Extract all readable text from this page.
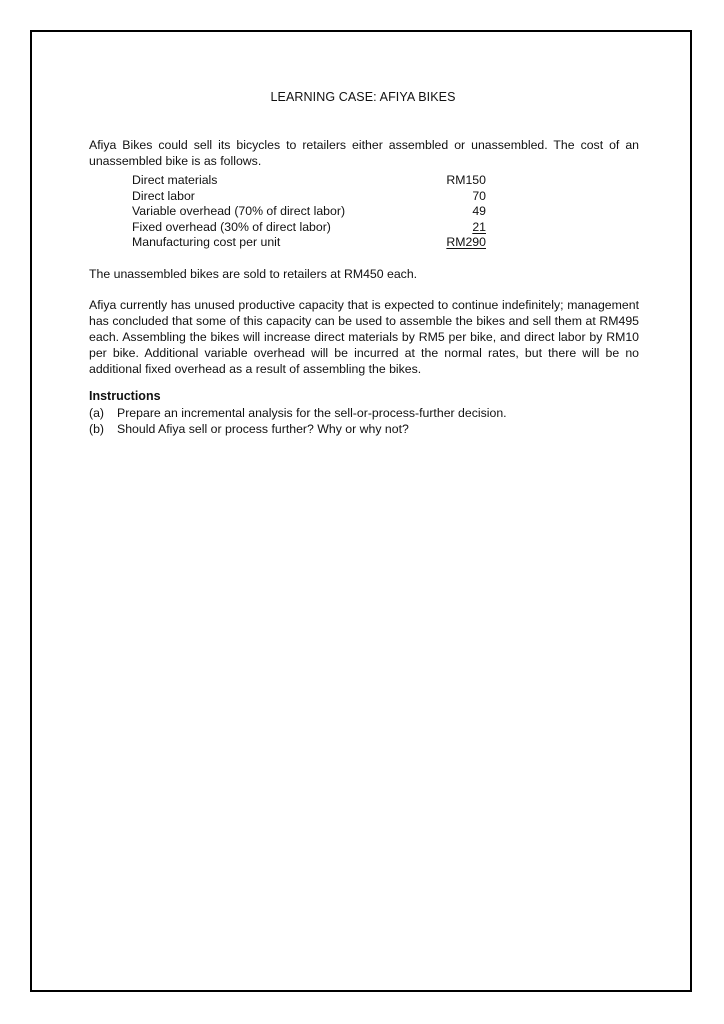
LEARNING CASE: AFIYA BIKES

Afiya Bikes could sell its bicycles to retailers either assembled or unassembled. The cost of an unassembled bike is as follows.

Direct materials	RM150
Direct labor	70
Variable overhead (70% of direct labor)	49
Fixed overhead (30% of direct labor)	21
Manufacturing cost per unit	RM290

The unassembled bikes are sold to retailers at RM450 each.

Afiya currently has unused productive capacity that is expected to continue indefinitely; management has concluded that some of this capacity can be used to assemble the bikes and sell them at RM495 each. Assembling the bikes will increase direct materials by RM5 per bike, and direct labor by RM10 per bike. Additional variable overhead will be incurred at the normal rates, but there will be no additional fixed overhead as a result of assembling the bikes.

Instructions
(a)	Prepare an incremental analysis for the sell-or-process-further decision.
(b)	Should Afiya sell or process further? Why or why not?
